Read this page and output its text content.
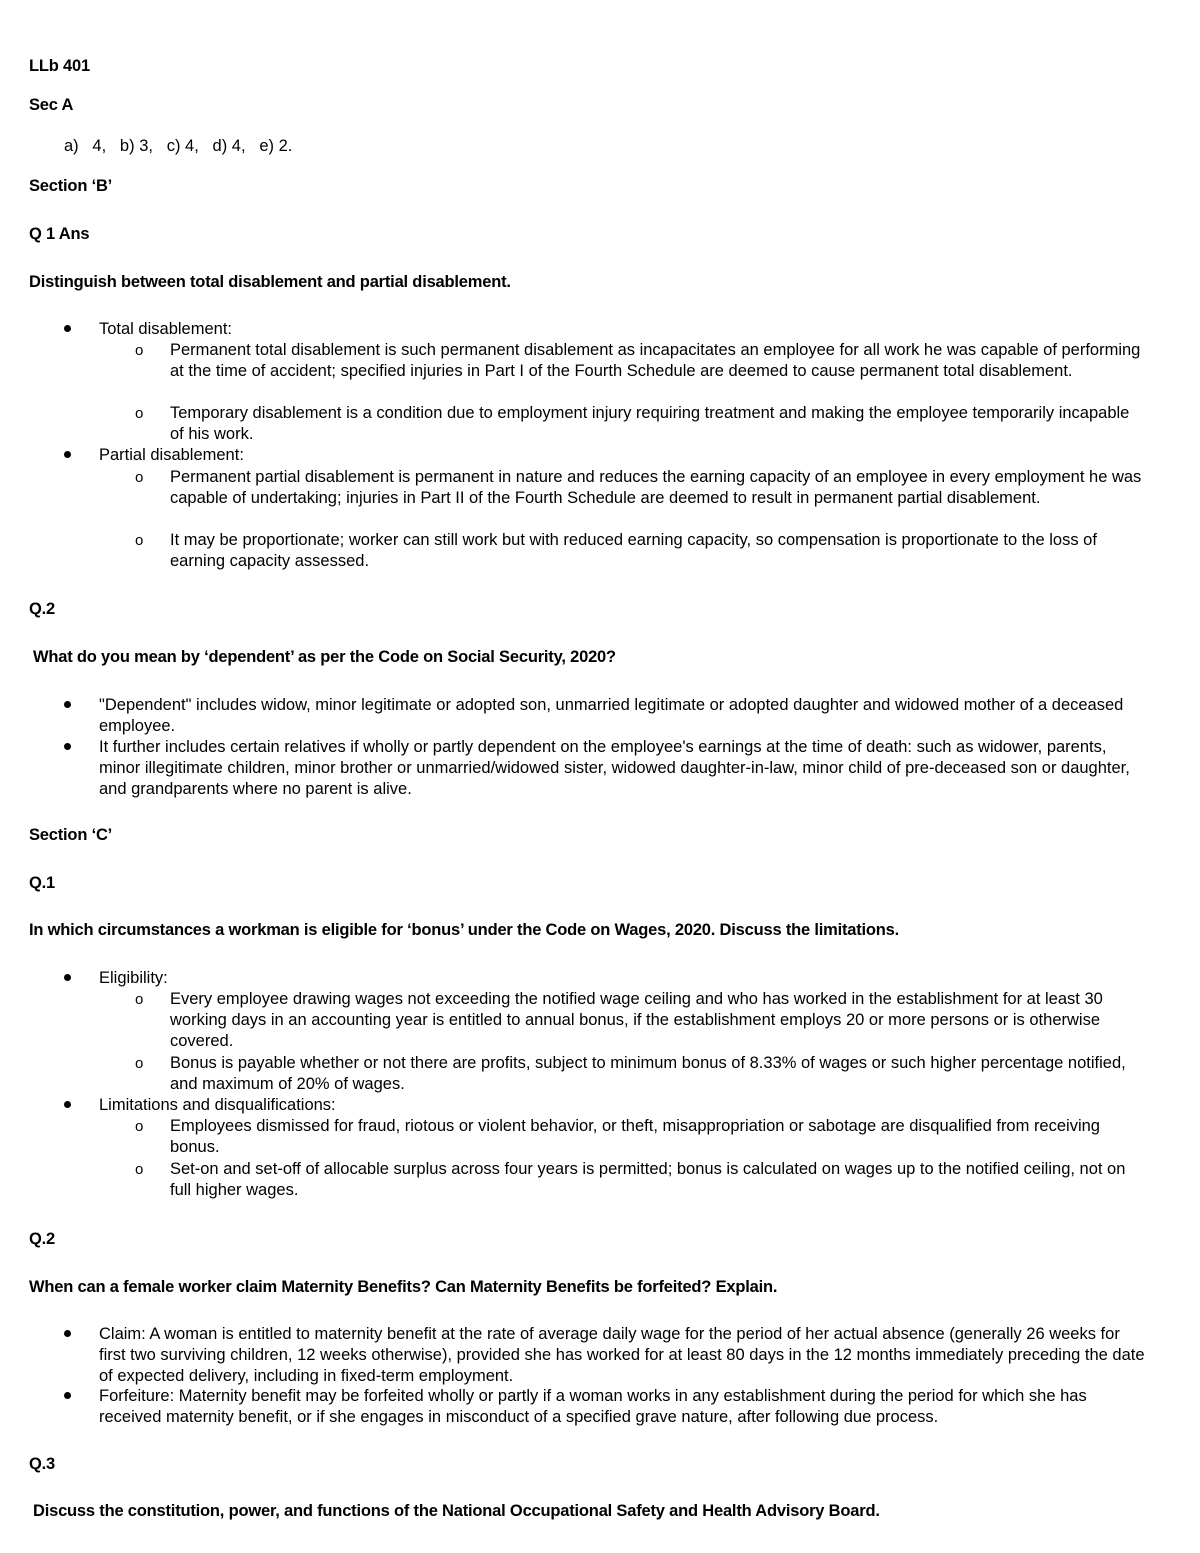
LLb 401
Sec A
a)   4,   b) 3,   c) 4,   d) 4,   e) 2.
Section ‘B’
Q 1 Ans
Distinguish between total disablement and partial disablement.
Total disablement:
o Permanent total disablement is such permanent disablement as incapacitates an employee for all work he was capable of performing at the time of accident; specified injuries in Part I of the Fourth Schedule are deemed to cause permanent total disablement.
o Temporary disablement is a condition due to employment injury requiring treatment and making the employee temporarily incapable of his work.
Partial disablement:
o Permanent partial disablement is permanent in nature and reduces the earning capacity of an employee in every employment he was capable of undertaking; injuries in Part II of the Fourth Schedule are deemed to result in permanent partial disablement.
o It may be proportionate; worker can still work but with reduced earning capacity, so compensation is proportionate to the loss of earning capacity assessed.
Q.2
What do you mean by ‘dependent’ as per the Code on Social Security, 2020?
"Dependent" includes widow, minor legitimate or adopted son, unmarried legitimate or adopted daughter and widowed mother of a deceased employee.
It further includes certain relatives if wholly or partly dependent on the employee's earnings at the time of death: such as widower, parents, minor illegitimate children, minor brother or unmarried/widowed sister, widowed daughter-in-law, minor child of pre-deceased son or daughter, and grandparents where no parent is alive.
Section ‘C’
Q.1
In which circumstances a workman is eligible for ‘bonus’ under the Code on Wages, 2020. Discuss the limitations.
Eligibility:
o Every employee drawing wages not exceeding the notified wage ceiling and who has worked in the establishment for at least 30 working days in an accounting year is entitled to annual bonus, if the establishment employs 20 or more persons or is otherwise covered.
o Bonus is payable whether or not there are profits, subject to minimum bonus of 8.33% of wages or such higher percentage notified, and maximum of 20% of wages.
Limitations and disqualifications:
o Employees dismissed for fraud, riotous or violent behavior, or theft, misappropriation or sabotage are disqualified from receiving bonus.
o Set-on and set-off of allocable surplus across four years is permitted; bonus is calculated on wages up to the notified ceiling, not on full higher wages.
Q.2
When can a female worker claim Maternity Benefits? Can Maternity Benefits be forfeited? Explain.
Claim: A woman is entitled to maternity benefit at the rate of average daily wage for the period of her actual absence (generally 26 weeks for first two surviving children, 12 weeks otherwise), provided she has worked for at least 80 days in the 12 months immediately preceding the date of expected delivery, including in fixed-term employment.
Forfeiture: Maternity benefit may be forfeited wholly or partly if a woman works in any establishment during the period for which she has received maternity benefit, or if she engages in misconduct of a specified grave nature, after following due process.
Q.3
Discuss the constitution, power, and functions of the National Occupational Safety and Health Advisory Board.
